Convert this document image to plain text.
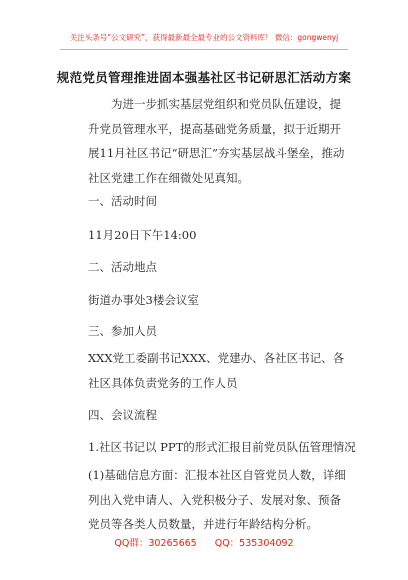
关注头条号“公文研究”，获得最新最全最专业的公文资料库！ 微信：gongwenyj
规范党员管理推进固本强基社区书记研思汇活动方案

为进一步抓实基层党组织和党员队伍建设，提升党员管理水平，提高基础党务质量，拟于近期开展11月社区书记“研思汇”夯实基层战斗堡垒，推动社区党建工作在细微处见真知。

一、活动时间
11月20日下午14:00
二、活动地点
街道办事处3楼会议室
三、参加人员

XXX党工委副书记XXX、党建办、各社区书记、各社区具体负责党务的工作人员

四、会议流程
1.社区书记以 PPT的形式汇报目前党员队伍管理情况

(1)基础信息方面：汇报本社区自管党员人数，详细列出入党申请人、入党积极分子、发展对象、预备党员等各类人员数量，并进行年龄结构分析。

QQ群：30265665 QQ：535304092
